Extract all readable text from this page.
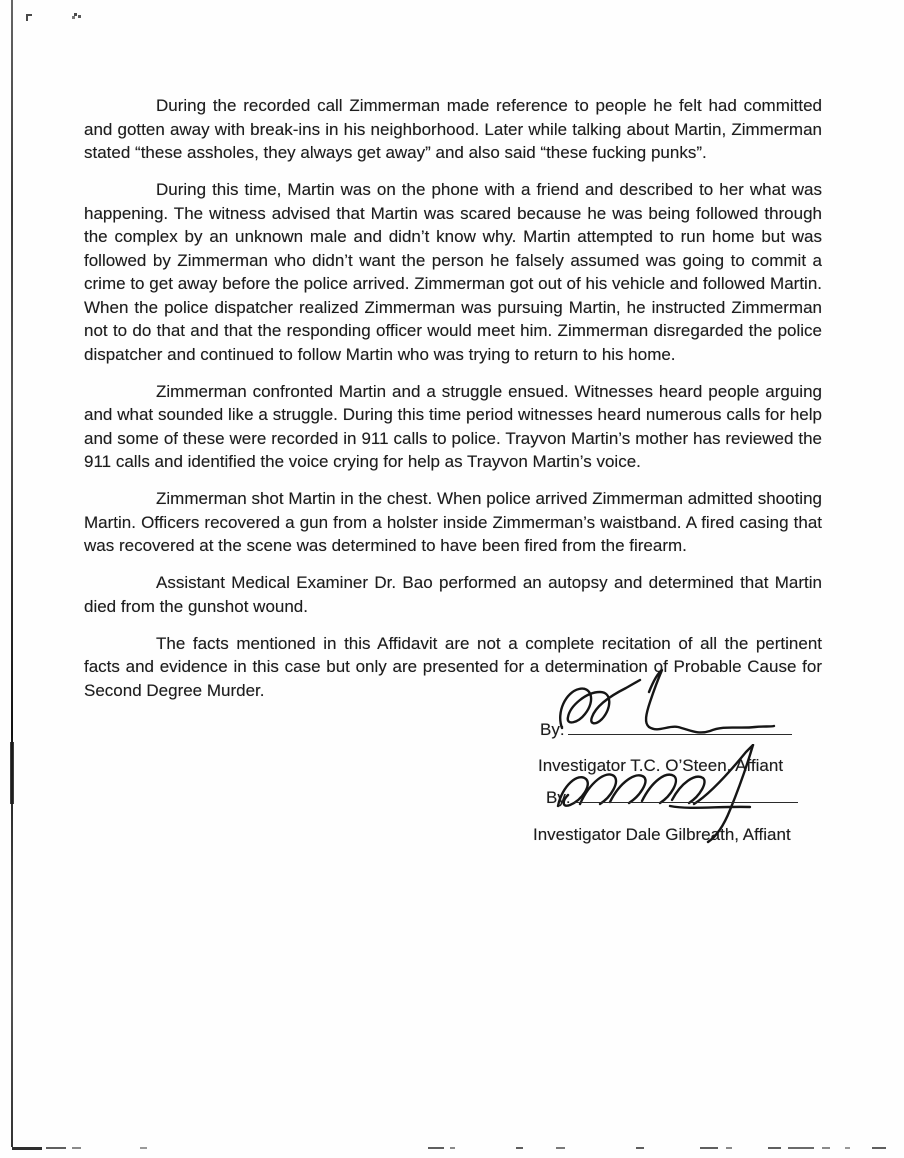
During the recorded call Zimmerman made reference to people he felt had committed and gotten away with break-ins in his neighborhood. Later while talking about Martin, Zimmerman stated “these assholes, they always get away” and also said “these fucking punks”.

During this time, Martin was on the phone with a friend and described to her what was happening. The witness advised that Martin was scared because he was being followed through the complex by an unknown male and didn’t know why. Martin attempted to run home but was followed by Zimmerman who didn’t want the person he falsely assumed was going to commit a crime to get away before the police arrived. Zimmerman got out of his vehicle and followed Martin. When the police dispatcher realized Zimmerman was pursuing Martin, he instructed Zimmerman not to do that and that the responding officer would meet him. Zimmerman disregarded the police dispatcher and continued to follow Martin who was trying to return to his home.

Zimmerman confronted Martin and a struggle ensued. Witnesses heard people arguing and what sounded like a struggle. During this time period witnesses heard numerous calls for help and some of these were recorded in 911 calls to police. Trayvon Martin’s mother has reviewed the 911 calls and identified the voice crying for help as Trayvon Martin’s voice.

Zimmerman shot Martin in the chest. When police arrived Zimmerman admitted shooting Martin. Officers recovered a gun from a holster inside Zimmerman’s waistband. A fired casing that was recovered at the scene was determined to have been fired from the firearm.

Assistant Medical Examiner Dr. Bao performed an autopsy and determined that Martin died from the gunshot wound.

The facts mentioned in this Affidavit are not a complete recitation of all the pertinent facts and evidence in this case but only are presented for a determination of Probable Cause for Second Degree Murder.

By:
Investigator T.C. O’Steen, Affiant
By:
Investigator Dale Gilbreath, Affiant
